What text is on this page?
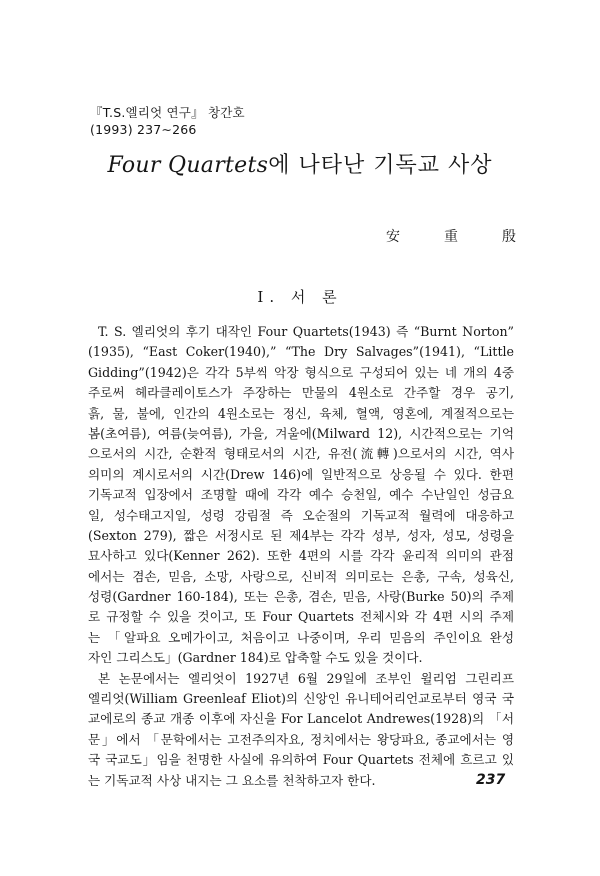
『T.S.엘리엇 연구』 창간호
(1993) 237∼266
Four Quartets에 나타난 기독교 사상
安	重	殷
I. 서 론
T. S. 엘리엇의 후기 대작인 Four Quartets(1943) 즉 “Burnt Norton”
(1935), “East Coker(1940),” “The Dry Salvages”(1941), “Little
Gidding”(1942)은 각각 5부씩 악장 형식으로 구성되어 있는 네 개의 4중
주로써 헤라클레이토스가 주장하는 만물의 4원소로 간주할 경우 공기,
흙, 물, 불에, 인간의 4원소로는 정신, 육체, 혈액, 영혼에, 계절적으로는
봄(초여름), 여름(늦여름), 가을, 겨울에(Milward 12), 시간적으로는 기억
으로서의 시간, 순환적 형태로서의 시간, 유전(流轉)으로서의 시간, 역사
의미의 계시로서의 시간(Drew 146)에 일반적으로 상응될 수 있다. 한편
기독교적 입장에서 조명할 때에 각각 예수 승천일, 예수 수난일인 성금요
일, 성수태고지일, 성령 강림절 즉 오순절의 기독교적 월력에 대응하고
(Sexton 279), 짧은 서정시로 된 제4부는 각각 성부, 성자, 성모, 성령을
묘사하고 있다(Kenner 262). 또한 4편의 시를 각각 윤리적 의미의 관점
에서는 겸손, 믿음, 소망, 사랑으로, 신비적 의미로는 은총, 구속, 성육신,
성령(Gardner 160-184), 또는 은총, 겸손, 믿음, 사랑(Burke 50)의 주제
로 규정할 수 있을 것이고, 또 Four Quartets 전체시와 각 4편 시의 주제
는 「알파요 오메가이고, 처음이고 나중이며, 우리 믿음의 주인이요 완성
자인 그리스도」(Gardner 184)로 압축할 수도 있을 것이다.
본 논문에서는 엘리엇이 1927년 6월 29일에 조부인 윌리엄 그린리프
엘리엇(William Greenleaf Eliot)의 신앙인 유니테어리언교로부터 영국 국
교에로의 종교 개종 이후에 자신을 For Lancelot Andrewes(1928)의 「서
문」에서 「문학에서는 고전주의자요, 정치에서는 왕당파요, 종교에서는 영
국 국교도」임을 천명한 사실에 유의하여 Four Quartets 전체에 흐르고 있
는 기독교적 사상 내지는 그 요소를 천착하고자 한다.	237
